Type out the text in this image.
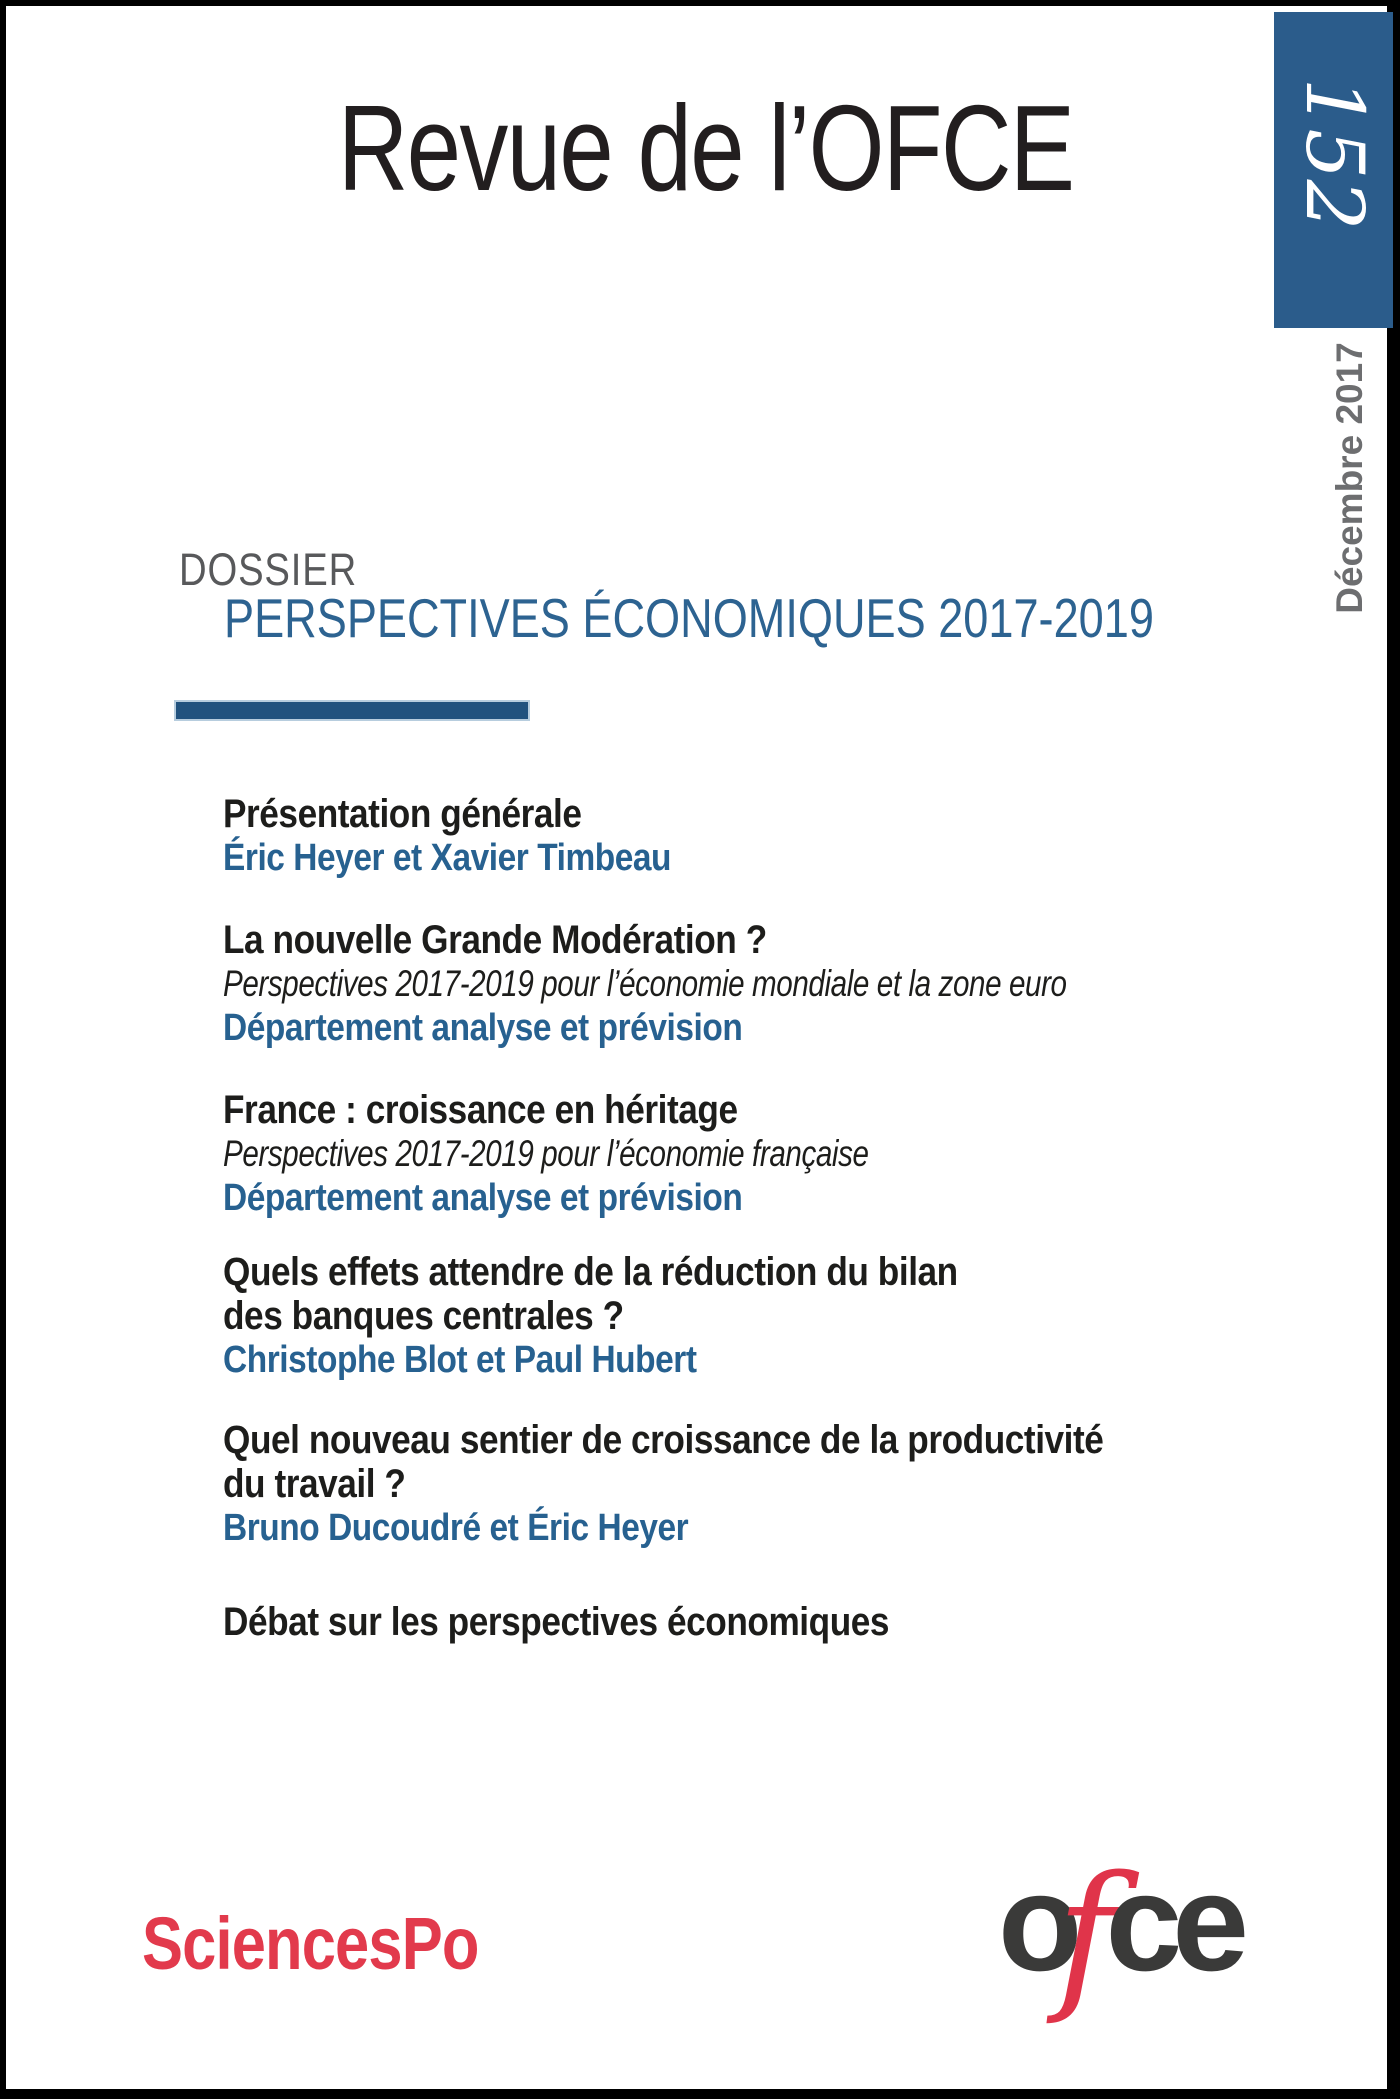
Revue de l’OFCE	152
Décembre 2017
DOSSIER
PERSPECTIVES ÉCONOMIQUES 2017-2019
Présentation générale
Éric Heyer et Xavier Timbeau
La nouvelle Grande Modération ?
Perspectives 2017-2019 pour l’économie mondiale et la zone euro
Département analyse et prévision
France : croissance en héritage
Perspectives 2017-2019 pour l’économie française
Département analyse et prévision
Quels effets attendre de la réduction du bilan
des banques centrales ?
Christophe Blot et Paul Hubert
Quel nouveau sentier de croissance de la productivité
du travail ?
Bruno Ducoudré et Éric Heyer
Débat sur les perspectives économiques
SciencesPo	ofce
